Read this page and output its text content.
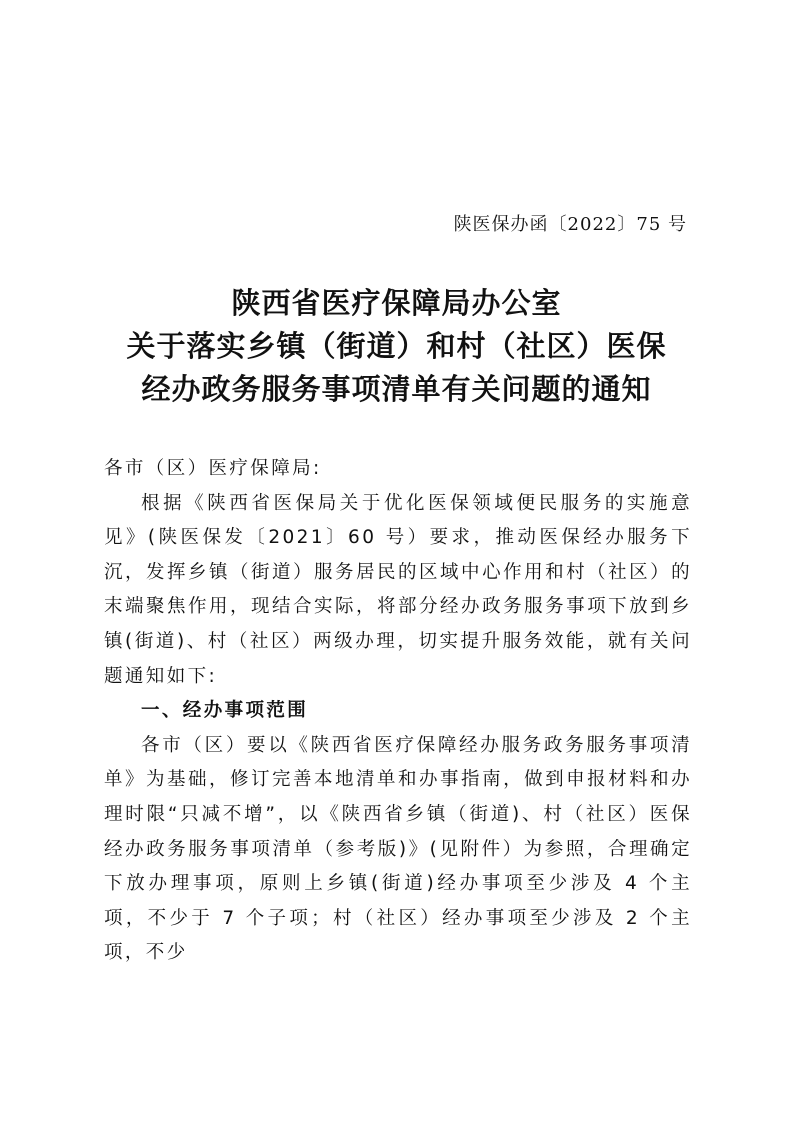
陕医保办函〔2022〕75 号
陕西省医疗保障局办公室
关于落实乡镇（街道）和村（社区）医保
经办政务服务事项清单有关问题的通知

各市（区）医疗保障局:

根据《陕西省医保局关于优化医保领域便民服务的实施意见》(陕医保发〔2021〕60 号）要求，推动医保经办服务下沉，发挥乡镇（街道）服务居民的区域中心作用和村（社区）的末端聚焦作用，现结合实际，将部分经办政务服务事项下放到乡镇(街道)、村（社区）两级办理，切实提升服务效能，就有关问题通知如下:

一、经办事项范围

各市（区）要以《陕西省医疗保障经办服务政务服务事项清单》为基础，修订完善本地清单和办事指南，做到申报材料和办理时限“只减不增”，以《陕西省乡镇（街道)、村（社区）医保经办政务服务事项清单（参考版)》(见附件）为参照，合理确定下放办理事项，原则上乡镇(街道)经办事项至少涉及 4 个主项，不少于 7 个子项；村（社区）经办事项至少涉及 2 个主项，不少
